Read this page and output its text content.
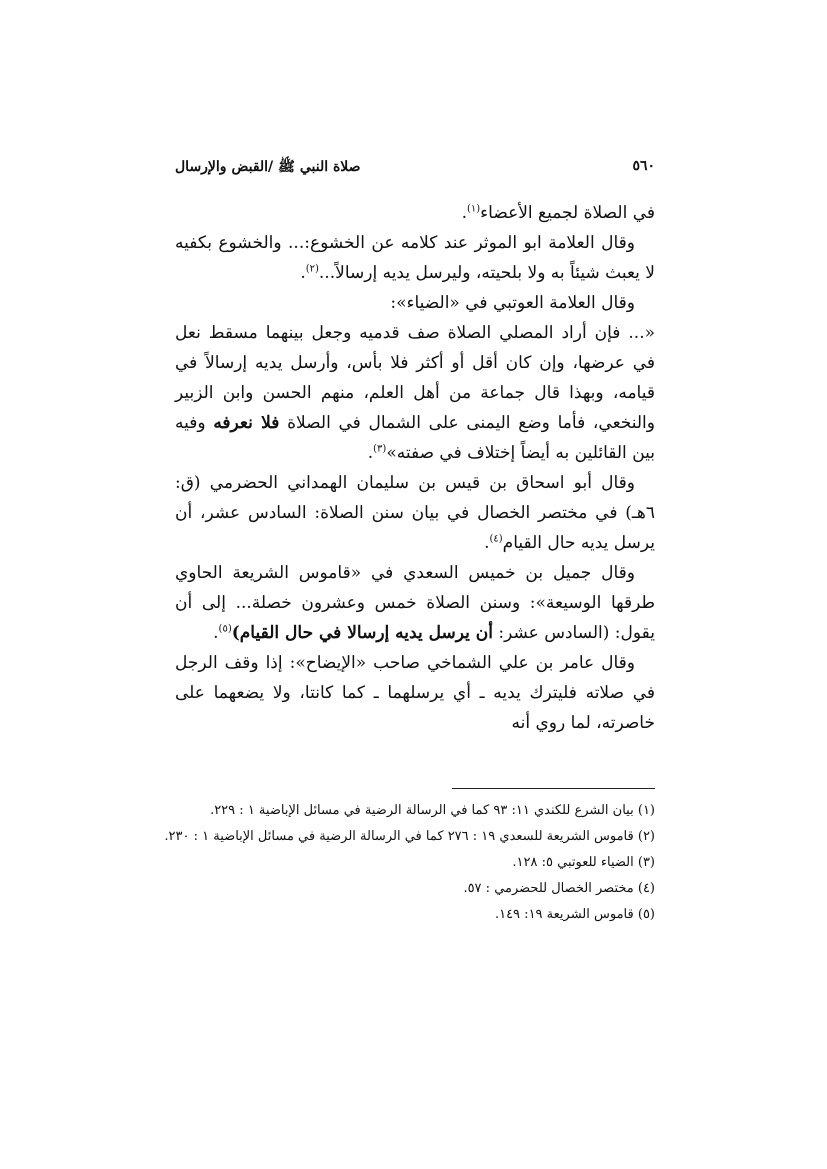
٥٦٠
صلاة النبي ﷺ /القبض والإرسال

في الصلاة لجميع الأعضاء$^{(١)}$.

وقال العلامة ابو الموثر عند كلامه عن الخشوع:... والخشوع بكفيه لا يعبث شيئاً به ولا بلحيته، وليرسل يديه إرسالاً...$^{(٢)}$.

وقال العلامة العوتبي في «الضياء»:

«... فإن أراد المصلي الصلاة صف قدميه وجعل بينهما مسقط نعل في عرضها، وإن كان أقل أو أكثر فلا بأس، وأرسل يديه إرسالاً في قيامه، وبهذا قال جماعة من أهل العلم، منهم الحسن وابن الزبير والنخعي، فأما وضع اليمنى على الشمال في الصلاة فلا نعرفه وفيه بين القائلين به أيضاً إختلاف في صفته»$^{(٣)}$.

وقال أبو اسحاق بن قيس بن سليمان الهمداني الحضرمي (ق: ٦هـ) في مختصر الخصال في بيان سنن الصلاة: السادس عشر، أن يرسل يديه حال القيام$^{(٤)}$.

وقال جميل بن خميس السعدي في «قاموس الشريعة الحاوي طرقها الوسيعة»: وسنن الصلاة خمس وعشرون خصلة... إلى أن يقول: (السادس عشر: أن يرسل يديه إرسالا في حال القيام)$^{(٥)}$.

وقال عامر بن علي الشماخي صاحب «الإيضاح»: إذا وقف الرجل في صلاته فليترك يديه ـ أي يرسلهما ـ كما كانتا، ولا يضعهما على خاصرته، لما روي أنه

(١) بيان الشرع للكندي ١١: ٩٣ كما في الرسالة الرضية في مسائل الإباضية ١ : ٢٢٩.

(٢) قاموس الشريعة للسعدي ١٩ : ٢٧٦ كما في الرسالة الرضية في مسائل الإباضية ١ : ٢٣٠.

(٣) الضياء للعوتبي ٥: ١٢٨.

(٤) مختصر الخصال للحضرمي : ٥٧.

(٥) قاموس الشريعة ١٩: ١٤٩.
